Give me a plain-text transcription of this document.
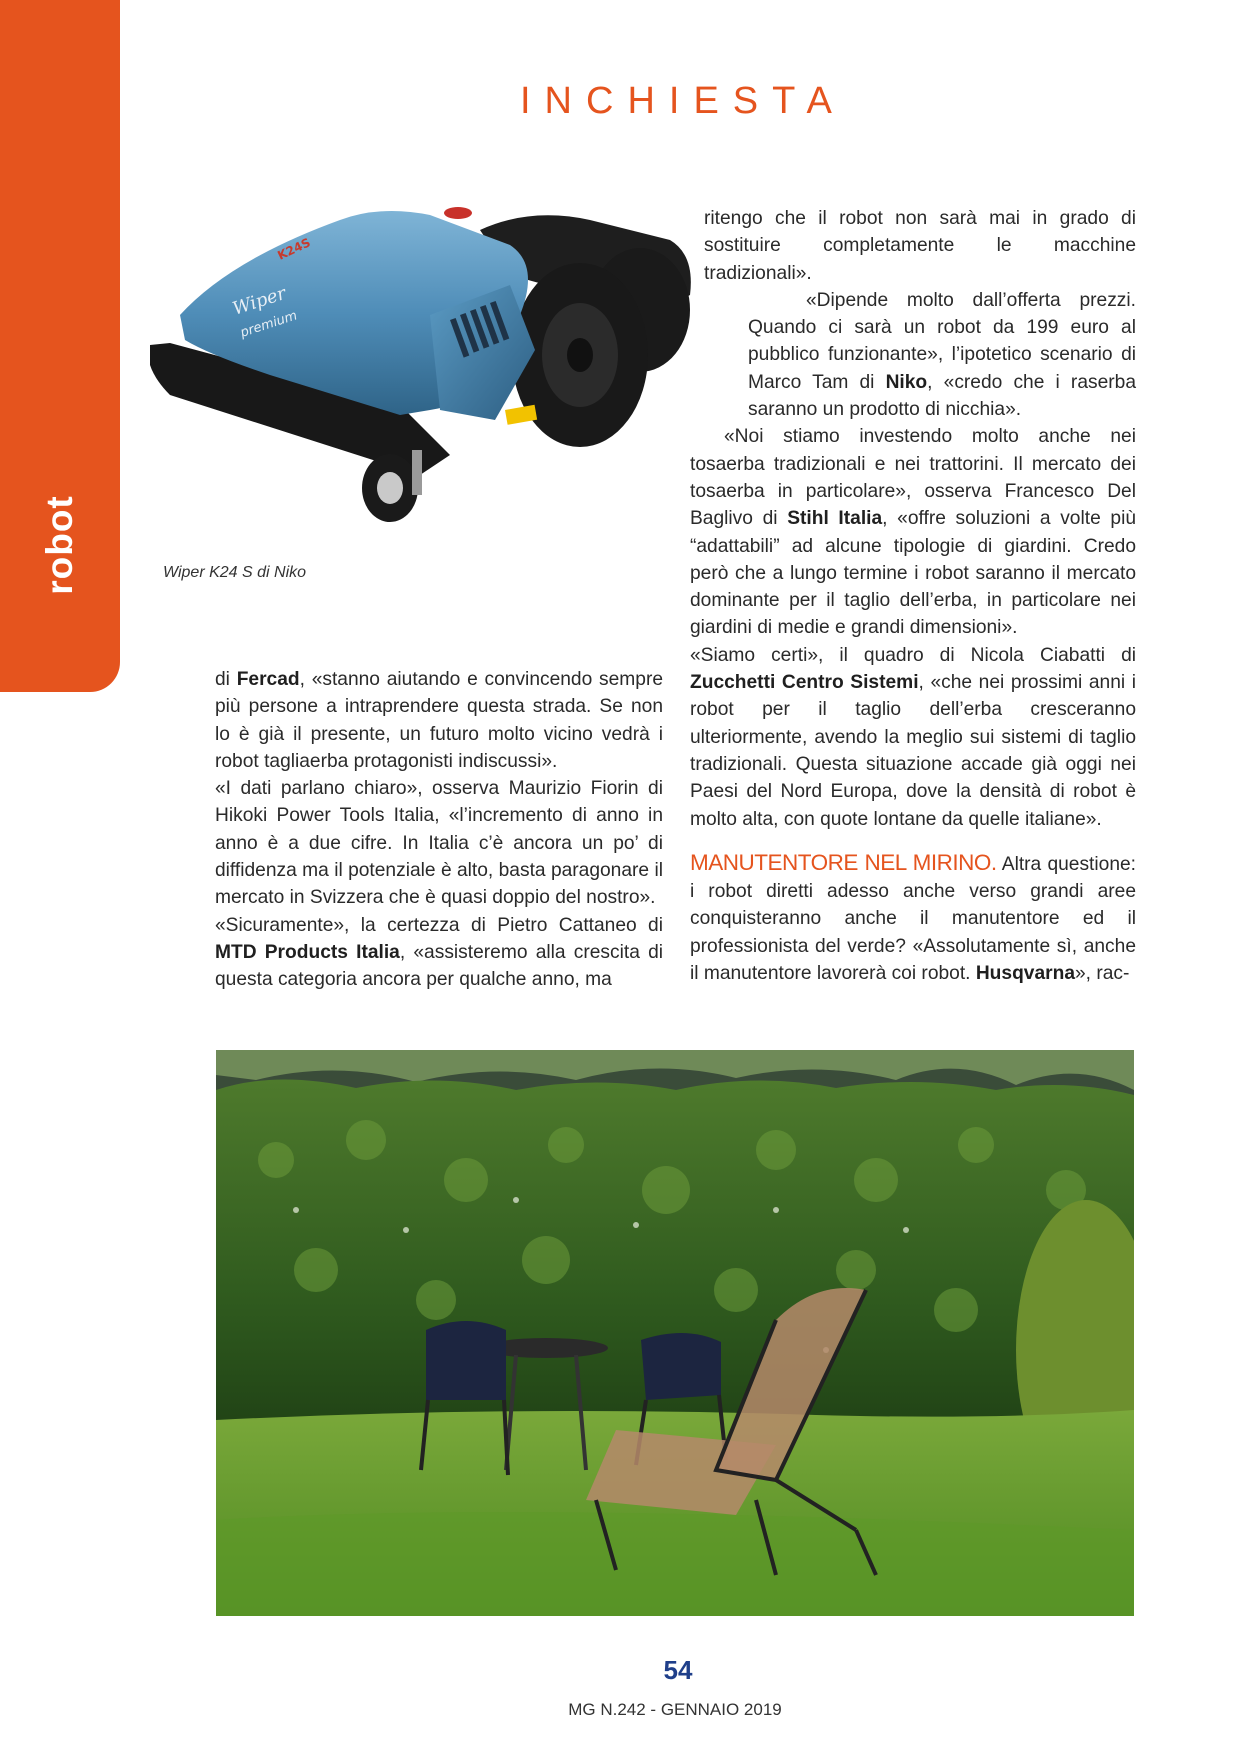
robot
INCHIESTA
K24S
Wiper
premium
Wiper K24 S di Niko

ritengo che il robot non sarà mai in grado di sostituire completamente le macchine tradizionali».

«Dipende molto dall’offerta prezzi. Quando ci sarà un robot da 199 euro al pubblico funzionante», l’ipotetico scenario di Marco Tam di Niko, «credo che i raserba saranno un prodotto di nicchia».

«Noi stiamo investendo molto anche nei tosaerba tradizionali e nei trattorini. Il mercato dei tosaerba in particolare», osserva Francesco Del Baglivo di Stihl Italia, «offre soluzioni a volte più “adattabili” ad alcune tipologie di giardini. Credo però che a lungo termine i robot saranno il mercato dominante per il taglio dell’erba, in particolare nei giardini di medie e grandi dimensioni».

«Siamo certi», il quadro di Nicola Ciabatti di Zucchetti Centro Sistemi, «che nei prossimi anni i robot per il taglio dell’erba cresceranno ulteriormente, avendo la meglio sui sistemi di taglio tradizionali. Questa situazione accade già oggi nei Paesi del Nord Europa, dove la densità di robot è molto alta, con quote lontane da quelle italiane».

MANUTENTORE NEL MIRINO. Altra questione: i robot diretti adesso anche verso grandi aree conquisteranno anche il manutentore ed il professionista del verde? «Assolutamente sì, anche il manutentore lavorerà coi robot. Husqvarna», rac-

di Fercad, «stanno aiutando e convincendo sempre più persone a intraprendere questa strada. Se non lo è già il presente, un futuro molto vicino vedrà i robot tagliaerba protagonisti indiscussi».

«I dati parlano chiaro», osserva Maurizio Fiorin di Hikoki Power Tools Italia, «l’incremento di anno in anno è a due cifre. In Italia c’è ancora un po’ di diffidenza ma il potenziale è alto, basta paragonare il mercato in Svizzera che è quasi doppio del nostro».

«Sicuramente», la certezza di Pietro Cattaneo di MTD Products Italia, «assisteremo alla crescita di questa categoria ancora per qualche anno, ma

54
MG N.242 - GENNAIO 2019
